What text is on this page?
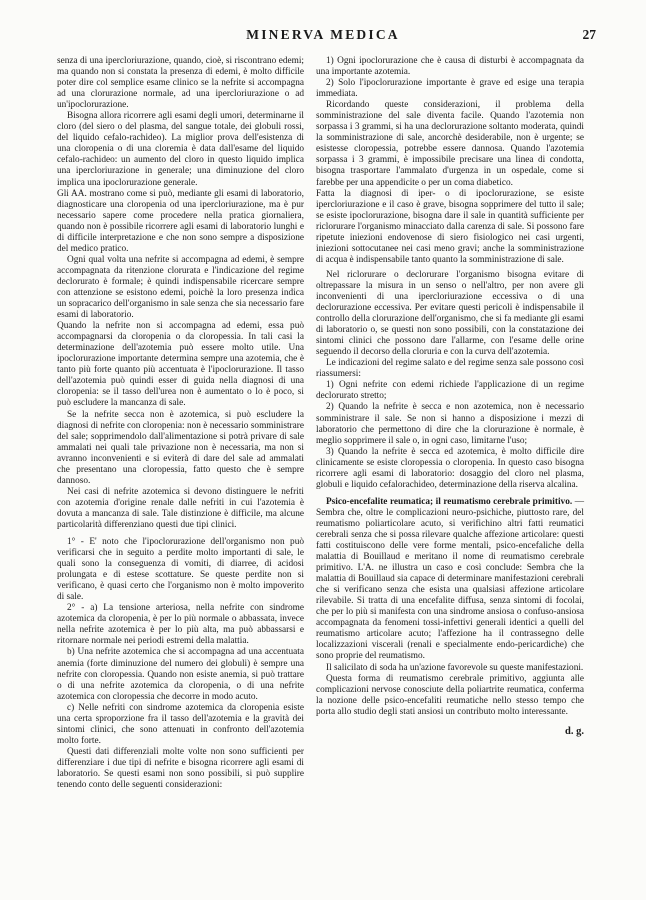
MINERVA MEDICA	27

senza di una ipercloriurazione, quando, cioè, si riscontrano edemi; ma quando non si constata la presenza di edemi, è molto difficile poter dire col semplice esame clinico se la nefrite si accompagna ad una clorurazione normale, ad una ipercloriurazione o ad un'ipoclorurazione.

Bisogna allora ricorrere agli esami degli umori, determinarne il cloro (del siero o del plasma, del sangue totale, dei globuli rossi, del liquido cefalo-rachideo). La miglior prova dell'esistenza di una cloropenia o di una cloremia è data dall'esame del liquido cefalo-rachideo: un aumento del cloro in questo liquido implica una ipercloriurazione in generale; una diminuzione del cloro implica una ipoclorurazione generale.

Gli AA. mostrano come si può, mediante gli esami di laboratorio, diagnosticare una cloropenia od una ipercloriurazione, ma è pur necessario sapere come procedere nella pratica giornaliera, quando non è possibile ricorrere agli esami di laboratorio lunghi e di difficile interpretazione e che non sono sempre a disposizione del medico pratico.

Ogni qual volta una nefrite si accompagna ad edemi, è sempre accompagnata da ritenzione clorurata e l'indicazione del regime declorurato è formale; è quindi indispensabile ricercare sempre con attenzione se esistono edemi, poichè la loro presenza indica un sopracarico dell'organismo in sale senza che sia necessario fare esami di laboratorio.

Quando la nefrite non si accompagna ad edemi, essa può accompagnarsi da cloropenia o da cloropessia. In tali casi la determinazione dell'azotemia può essere molto utile. Una ipoclorurazione importante determina sempre una azotemia, che è tanto più forte quanto più accentuata è l'ipoclorurazione. Il tasso dell'azotemia può quindi esser di guida nella diagnosi di una cloropenia: se il tasso dell'urea non è aumentato o lo è poco, si può escludere la mancanza di sale.

Se la nefrite secca non è azotemica, si può escludere la diagnosi di nefrite con cloropenia: non è necessario somministrare del sale; sopprimendolo dall'alimentazione si potrà privare di sale ammalati nei quali tale privazione non è necessaria, ma non si avranno inconvenienti e si eviterà di dare del sale ad ammalati che presentano una cloropessia, fatto questo che è sempre dannoso.

Nei casi di nefrite azotemica si devono distinguere le nefriti con azotemia d'origine renale dalle nefriti in cui l'azotemia è dovuta a mancanza di sale. Tale distinzione è difficile, ma alcune particolarità differenziano questi due tipi clinici.

1° - E' noto che l'ipoclorurazione dell'organismo non può verificarsi che in seguito a perdite molto importanti di sale, le quali sono la conseguenza di vomiti, di diarree, di acidosi prolungata e di estese scottature. Se queste perdite non si verificano, è quasi certo che l'organismo non è molto impoverito di sale.

2° - a) La tensione arteriosa, nella nefrite con sindrome azotemica da cloropenia, è per lo più normale o abbassata, invece nella nefrite azotemica è per lo più alta, ma può abbassarsi e ritornare normale nei periodi estremi della malattia.

b) Una nefrite azotemica che si accompagna ad una accentuata anemia (forte diminuzione del numero dei globuli) è sempre una nefrite con cloropessia. Quando non esiste anemia, si può trattare o di una nefrite azotemica da cloropenia, o di una nefrite azotemica con cloropessia che decorre in modo acuto.

c) Nelle nefriti con sindrome azotemica da cloropenia esiste una certa sproporzione fra il tasso dell'azotemia e la gravità dei sintomi clinici, che sono attenuati in confronto dell'azotemia molto forte.

Questi dati differenziali molte volte non sono sufficienti per differenziare i due tipi di nefrite e bisogna ricorrere agli esami di laboratorio. Se questi esami non sono possibili, si può supplire tenendo conto delle seguenti considerazioni:

1) Ogni ipoclorurazione che è causa di disturbi è accompagnata da una importante azotemia.

2) Solo l'ipoclorurazione importante è grave ed esige una terapia immediata.

Ricordando queste considerazioni, il problema della somministrazione del sale diventa facile. Quando l'azotemia non sorpassa i 3 grammi, si ha una declorurazione soltanto moderata, quindi la somministrazione di sale, ancorchè desiderabile, non è urgente; se esistesse cloropessia, potrebbe essere dannosa. Quando l'azotemia sorpassa i 3 grammi, è impossibile precisare una linea di condotta, bisogna trasportare l'ammalato d'urgenza in un ospedale, come si farebbe per una appendicite o per un coma diabetico.

Fatta la diagnosi di iper- o di ipoclorurazione, se esiste ipercloriurazione e il caso è grave, bisogna sopprimere del tutto il sale; se esiste ipoclorurazione, bisogna dare il sale in quantità sufficiente per riclorurare l'organismo minacciato dalla carenza di sale. Si possono fare ripetute iniezioni endovenose di siero fisiologico nei casi urgenti, iniezioni sottocutanee nei casi meno gravi; anche la somministrazione di acqua è indispensabile tanto quanto la somministrazione di sale.

Nel riclorurare o declorurare l'organismo bisogna evitare di oltrepassare la misura in un senso o nell'altro, per non avere gli inconvenienti di una ipercloriurazione eccessiva o di una declorurazione eccessiva. Per evitare questi pericoli è indispensabile il controllo della clorurazione dell'organismo, che si fa mediante gli esami di laboratorio o, se questi non sono possibili, con la constatazione dei sintomi clinici che possono dare l'allarme, con l'esame delle orine seguendo il decorso della cloruria e con la curva dell'azotemia.

Le indicazioni del regime salato e del regime senza sale possono così riassumersi:

1) Ogni nefrite con edemi richiede l'applicazione di un regime declorurato stretto;

2) Quando la nefrite è secca e non azotemica, non è necessario somministrare il sale. Se non si hanno a disposizione i mezzi di laboratorio che permettono di dire che la clorurazione è normale, è meglio sopprimere il sale o, in ogni caso, limitarne l'uso;

3) Quando la nefrite è secca ed azotemica, è molto difficile dire clinicamente se esiste cloropessia o cloropenia. In questo caso bisogna ricorrere agli esami di laboratorio: dosaggio del cloro nel plasma, globuli e liquido cefalorachideo, determinazione della riserva alcalina.

Psico-encefalite reumatica; il reumatismo cerebrale primitivo. — Sembra che, oltre le complicazioni neuro-psichiche, piuttosto rare, del reumatismo poliarticolare acuto, si verifichino altri fatti reumatici cerebrali senza che si possa rilevare qualche affezione articolare: questi fatti costituiscono delle vere forme mentali, psico-encefaliche della malattia di Bouillaud e meritano il nome di reumatismo cerebrale primitivo. L'A. ne illustra un caso e così conclude: Sembra che la malattia di Bouillaud sia capace di determinare manifestazioni cerebrali che si verificano senza che esista una qualsiasi affezione articolare rilevabile. Si tratta di una encefalite diffusa, senza sintomi di focolai, che per lo più si manifesta con una sindrome ansiosa o confuso-ansiosa accompagnata da fenomeni tossi-infettivi generali identici a quelli del reumatismo articolare acuto; l'affezione ha il contrassegno delle localizzazioni viscerali (renali e specialmente endo-pericardiche) che sono proprie del reumatismo.

Il salicilato di soda ha un'azione favorevole su queste manifestazioni.

Questa forma di reumatismo cerebrale primitivo, aggiunta alle complicazioni nervose conosciute della poliartrite reumatica, conferma la nozione delle psico-encefaliti reumatiche nello stesso tempo che porta allo studio degli stati ansiosi un contributo molto interessante.

d. g.
